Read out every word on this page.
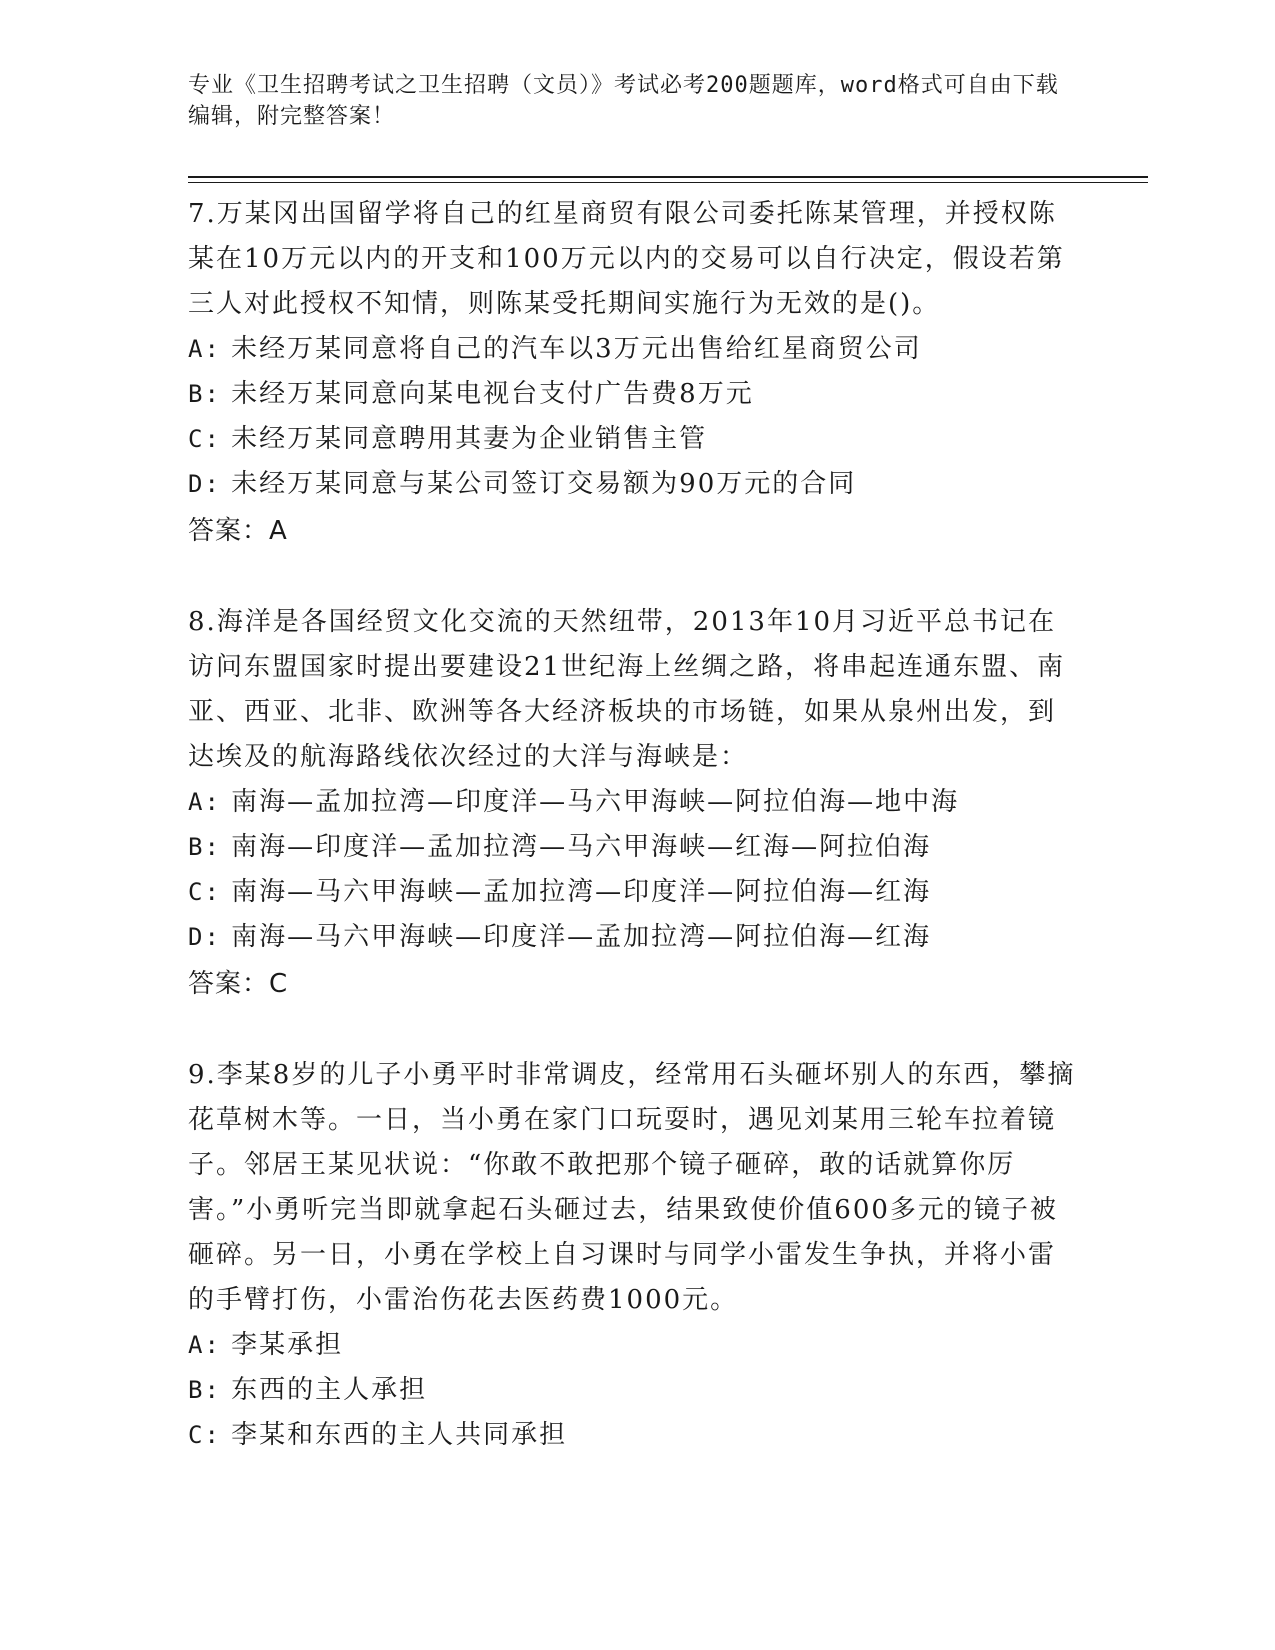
专业《卫生招聘考试之卫生招聘（文员）》考试必考200题题库，word格式可自由下载编辑，附完整答案！

7.万某冈出国留学将自己的红星商贸有限公司委托陈某管理，并授权陈某在10万元以内的开支和100万元以内的交易可以自行决定，假设若第三人对此授权不知情，则陈某受托期间实施行为无效的是()。

A: 未经万某同意将自己的汽车以3万元出售给红星商贸公司

B: 未经万某同意向某电视台支付广告费8万元

C: 未经万某同意聘用其妻为企业销售主管

D: 未经万某同意与某公司签订交易额为90万元的合同

答案：A

8.海洋是各国经贸文化交流的天然纽带，2013年10月习近平总书记在访问东盟国家时提出要建设21世纪海上丝绸之路，将串起连通东盟、南亚、西亚、北非、欧洲等各大经济板块的市场链，如果从泉州出发，到达埃及的航海路线依次经过的大洋与海峡是：

A: 南海—孟加拉湾—印度洋—马六甲海峡—阿拉伯海—地中海

B: 南海—印度洋—孟加拉湾—马六甲海峡—红海—阿拉伯海

C: 南海—马六甲海峡—孟加拉湾—印度洋—阿拉伯海—红海

D: 南海—马六甲海峡—印度洋—孟加拉湾—阿拉伯海—红海

答案：C

9.李某8岁的儿子小勇平时非常调皮，经常用石头砸坏别人的东西，攀摘花草树木等。一日，当小勇在家门口玩耍时，遇见刘某用三轮车拉着镜子。邻居王某见状说：“你敢不敢把那个镜子砸碎，敢的话就算你厉害。”小勇听完当即就拿起石头砸过去，结果致使价值600多元的镜子被砸碎。另一日，小勇在学校上自习课时与同学小雷发生争执，并将小雷的手臂打伤，小雷治伤花去医药费1000元。

A: 李某承担

B: 东西的主人承担

C: 李某和东西的主人共同承担
